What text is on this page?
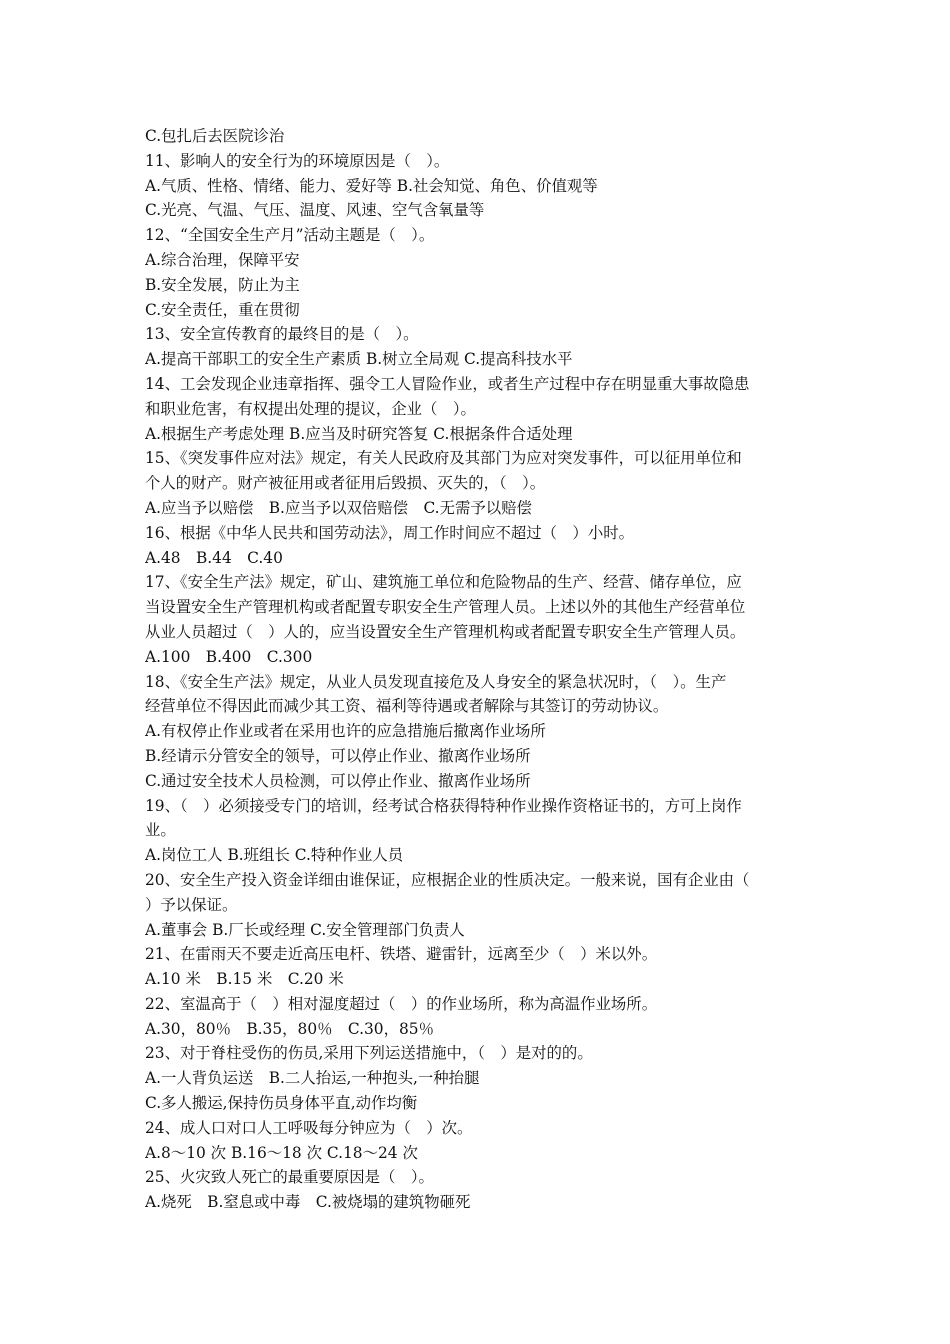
C.包扎后去医院诊治
11、影响人的安全行为的环境原因是（　）。
A.气质、性格、情绪、能力、爱好等 B.社会知觉、角色、价值观等
C.光亮、气温、气压、温度、风速、空气含氧量等
12、“全国安全生产月”活动主题是（　）。
A.综合治理，保障平安
B.安全发展，防止为主
C.安全责任，重在贯彻
13、安全宣传教育的最终目的是（　）。
A.提高干部职工的安全生产素质 B.树立全局观 C.提高科技水平
14、工会发现企业违章指挥、强令工人冒险作业，或者生产过程中存在明显重大事故隐患
和职业危害，有权提出处理的提议，企业（　）。
A.根据生产考虑处理 B.应当及时研究答复 C.根据条件合适处理
15、《突发事件应对法》规定，有关人民政府及其部门为应对突发事件，可以征用单位和
个人的财产。财产被征用或者征用后毁损、灭失的，（　）。
A.应当予以赔偿　B.应当予以双倍赔偿　C.无需予以赔偿
16、根据《中华人民共和国劳动法》，周工作时间应不超过（　）小时。
A.48　B.44　C.40
17、《安全生产法》规定，矿山、建筑施工单位和危险物品的生产、经营、储存单位，应
当设置安全生产管理机构或者配置专职安全生产管理人员。上述以外的其他生产经营单位
从业人员超过（　）人的，应当设置安全生产管理机构或者配置专职安全生产管理人员。
A.100　B.400　C.300
18、《安全生产法》规定，从业人员发现直接危及人身安全的紧急状况时，（　）。生产
经营单位不得因此而减少其工资、福利等待遇或者解除与其签订的劳动协议。
A.有权停止作业或者在采用也许的应急措施后撤离作业场所
B.经请示分管安全的领导，可以停止作业、撤离作业场所
C.通过安全技术人员检测，可以停止作业、撤离作业场所
19、（　）必须接受专门的培训，经考试合格获得特种作业操作资格证书的，方可上岗作
业。
A.岗位工人 B.班组长 C.特种作业人员
20、安全生产投入资金详细由谁保证，应根据企业的性质决定。一般来说，国有企业由（
）予以保证。
A.董事会 B.厂长或经理 C.安全管理部门负责人
21、在雷雨天不要走近高压电杆、铁塔、避雷针，远离至少（　）米以外。
A.10 米　B.15 米　C.20 米
22、室温高于（　）相对湿度超过（　）的作业场所，称为高温作业场所。
A.30，80％　B.35，80％　C.30，85％
23、对于脊柱受伤的伤员,采用下列运送措施中，（　）是对的的。
A.一人背负运送　B.二人抬运,一种抱头,一种抬腿
C.多人搬运,保持伤员身体平直,动作均衡
24、成人口对口人工呼吸每分钟应为（　）次。
A.8～10 次 B.16～18 次 C.18～24 次
25、火灾致人死亡的最重要原因是（　）。
A.烧死　B.窒息或中毒　C.被烧塌的建筑物砸死
